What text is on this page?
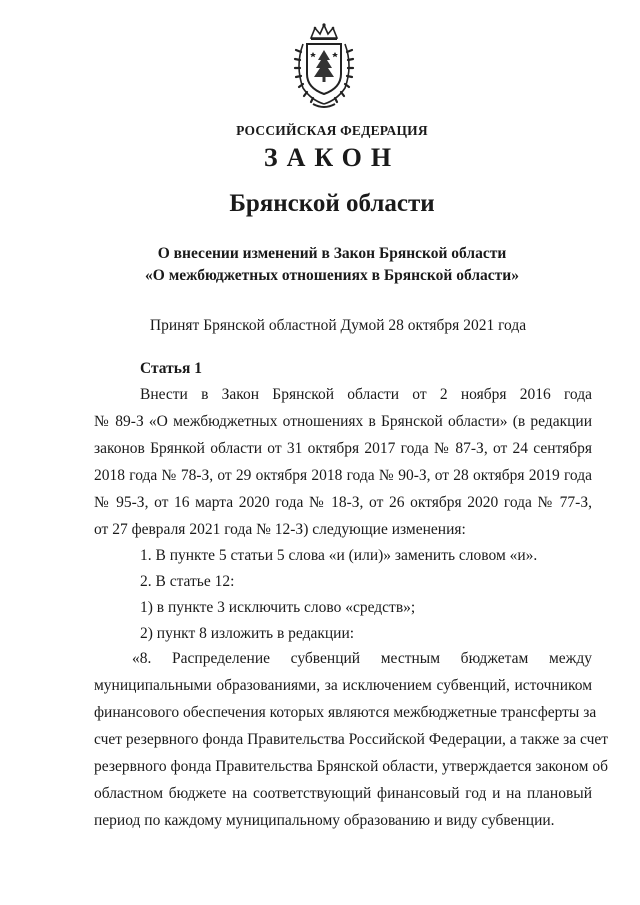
РОССИЙСКАЯ ФЕДЕРАЦИЯ
ЗАКОН
Брянской области
О внесении изменений в Закон Брянской области
«О межбюджетных отношениях в Брянской области»
Принят Брянской областной Думой 28 октября 2021 года
Статья 1
Внести в Закон Брянской области от 2 ноября 2016 года
№ 89-З «О межбюджетных отношениях в Брянской области» (в редакции
законов Брянкой области от 31 октября 2017 года № 87-З, от 24 сентября
2018 года № 78-З, от 29 октября 2018 года № 90-З, от 28 октября 2019 года
№ 95-З, от 16 марта 2020 года № 18-З, от 26 октября 2020 года № 77-З,
от 27 февраля 2021 года № 12-З) следующие изменения:
1. В пункте 5 статьи 5 слова «и (или)» заменить словом «и».
2. В статье 12:
1) в пункте 3 исключить слово «средств»;
2) пункт 8 изложить в редакции:
«8. Распределение субвенций местным бюджетам между
муниципальными образованиями, за исключением субвенций, источником
финансового обеспечения которых являются межбюджетные трансферты за
счет резервного фонда Правительства Российской Федерации, а также за счет
резервного фонда Правительства Брянской области, утверждается законом об
областном бюджете на соответствующий финансовый год и на плановый
период по каждому муниципальному образованию и виду субвенции.
